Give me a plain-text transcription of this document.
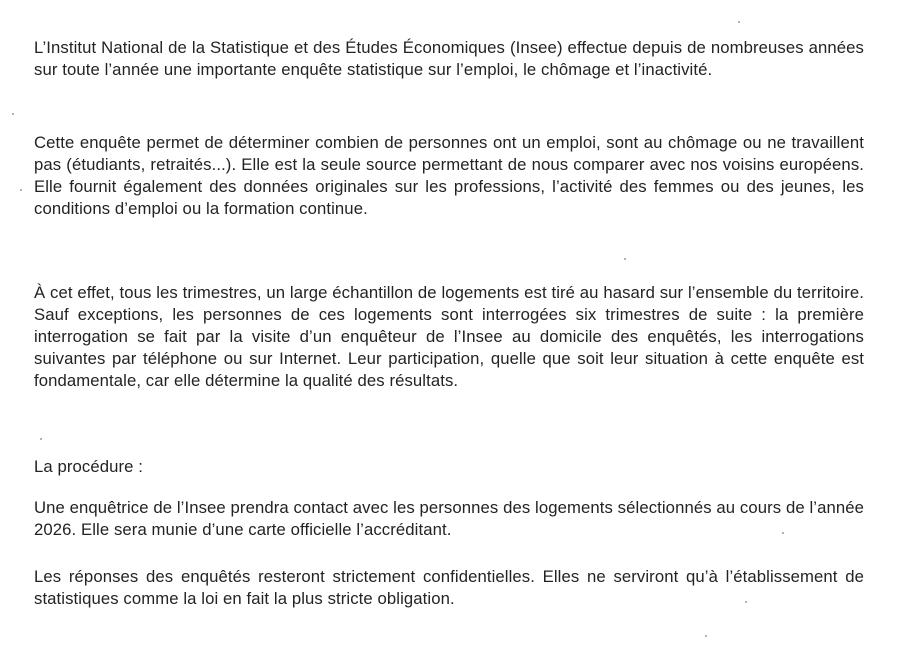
L’Institut National de la Statistique et des Études Économiques (Insee) effectue depuis de nombreuses années sur toute l’année une importante enquête statistique sur l’emploi, le chômage et l’inactivité.

Cette enquête permet de déterminer combien de personnes ont un emploi, sont au chômage ou ne travaillent pas (étudiants, retraités...). Elle est la seule source permettant de nous comparer avec nos voisins européens. Elle fournit également des données originales sur les professions, l’activité des femmes ou des jeunes, les conditions d’emploi ou la formation continue.

À cet effet, tous les trimestres, un large échantillon de logements est tiré au hasard sur l’ensemble du territoire. Sauf exceptions, les personnes de ces logements sont interrogées six trimestres de suite : la première interrogation se fait par la visite d’un enquêteur de l’Insee au domicile des enquêtés, les interrogations suivantes par téléphone ou sur Internet. Leur participation, quelle que soit leur situation à cette enquête est fondamentale, car elle détermine la qualité des résultats.

La procédure :

Une enquêtrice de l’Insee prendra contact avec les personnes des logements sélectionnés au cours de l’année 2026. Elle sera munie d’une carte officielle l’accréditant.

Les réponses des enquêtés resteront strictement confidentielles. Elles ne serviront qu’à l’établissement de statistiques comme la loi en fait la plus stricte obligation.
